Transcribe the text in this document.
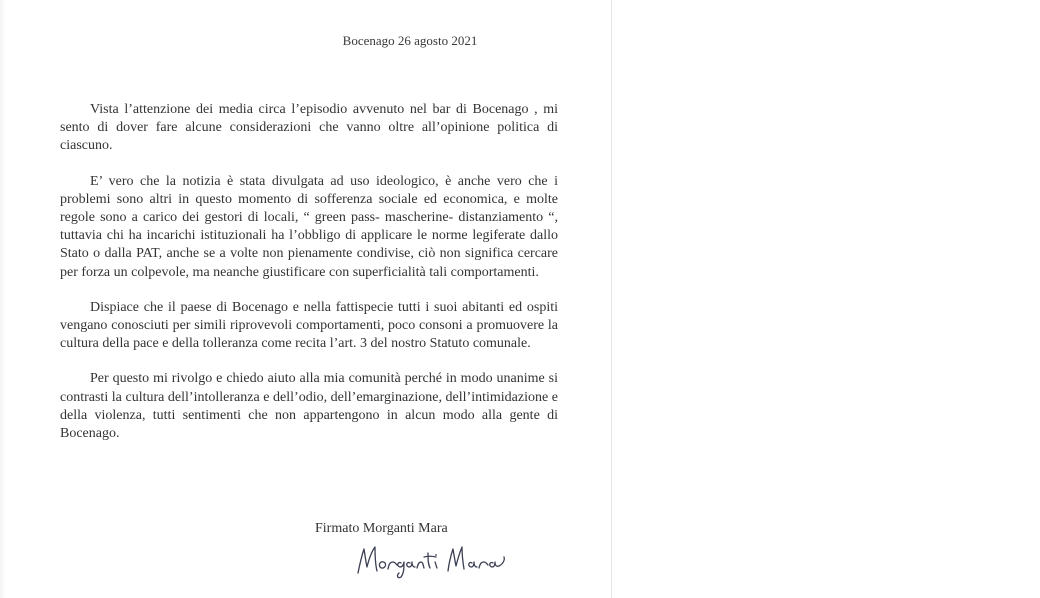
Bocenago 26 agosto 2021

Vista l’attenzione dei media circa l’episodio avvenuto nel bar di Bocenago , mi sento di dover fare alcune considerazioni che vanno oltre all’opinione politica di ciascuno.

E’ vero che la notizia è stata divulgata ad uso ideologico, è anche vero che i problemi sono altri in questo momento di sofferenza sociale ed economica, e molte regole sono a carico dei gestori di locali, “ green pass- mascherine- distanziamento “, tuttavia chi ha incarichi istituzionali ha l’obbligo di applicare le norme legiferate dallo Stato o dalla PAT, anche se a volte non pienamente condivise, ciò non significa cercare per forza un colpevole, ma neanche giustificare con superficialità tali comportamenti.

Dispiace che il paese di Bocenago e nella fattispecie tutti i suoi abitanti ed ospiti vengano conosciuti per simili riprovevoli comportamenti, poco consoni a promuovere la cultura della pace e della tolleranza come recita l’art. 3 del nostro Statuto comunale.

Per questo mi rivolgo e chiedo aiuto alla mia comunità perché in modo unanime si contrasti la cultura dell’intolleranza e dell’odio, dell’emarginazione, dell’intimidazione e della violenza, tutti sentimenti che non appartengono in alcun modo alla gente di Bocenago.

Firmato Morganti Mara
